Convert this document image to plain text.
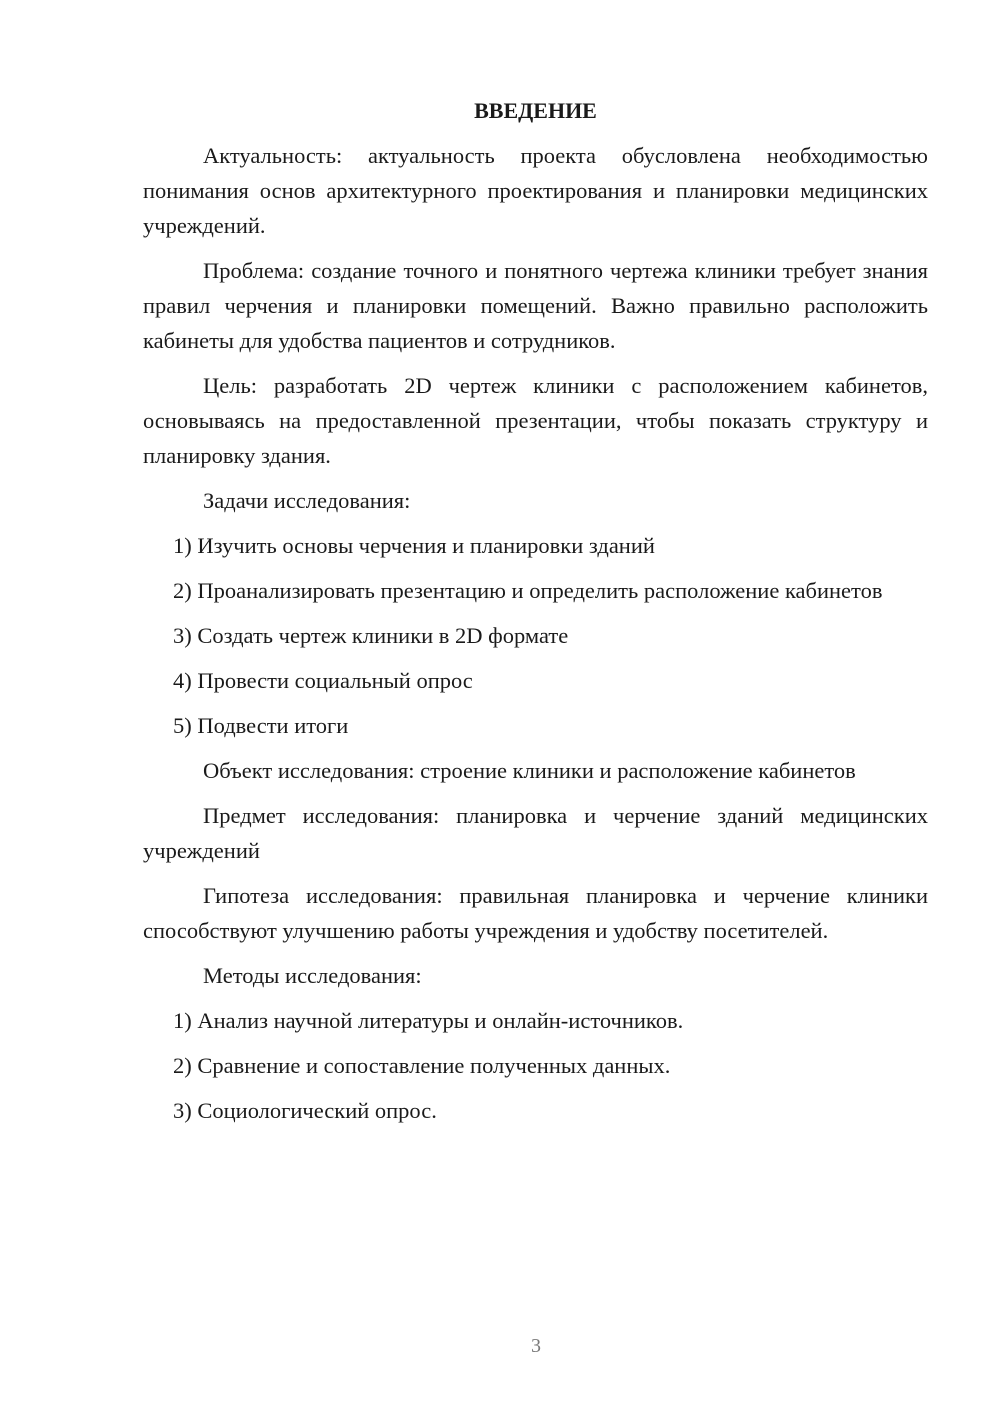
ВВЕДЕНИЕ

Актуальность: актуальность проекта обусловлена необходимостью понимания основ архитектурного проектирования и планировки медицинских учреждений.

Проблема: создание точного и понятного чертежа клиники требует знания правил черчения и планировки помещений. Важно правильно расположить кабинеты для удобства пациентов и сотрудников.

Цель: разработать 2D чертеж клиники с расположением кабинетов, основываясь на предоставленной презентации, чтобы показать структуру и планировку здания.

Задачи исследования:

1) Изучить основы черчения и планировки зданий

2) Проанализировать презентацию и определить расположение кабинетов

3) Создать чертеж клиники в 2D формате

4) Провести социальный опрос

5) Подвести итоги

Объект исследования: строение клиники и расположение кабинетов

Предмет исследования: планировка и черчение зданий медицинских учреждений

Гипотеза исследования: правильная планировка и черчение клиники способствуют улучшению работы учреждения и удобству посетителей.

Методы исследования:

1) Анализ научной литературы и онлайн-источников.

2) Сравнение и сопоставление полученных данных.

3) Социологический опрос.

3
